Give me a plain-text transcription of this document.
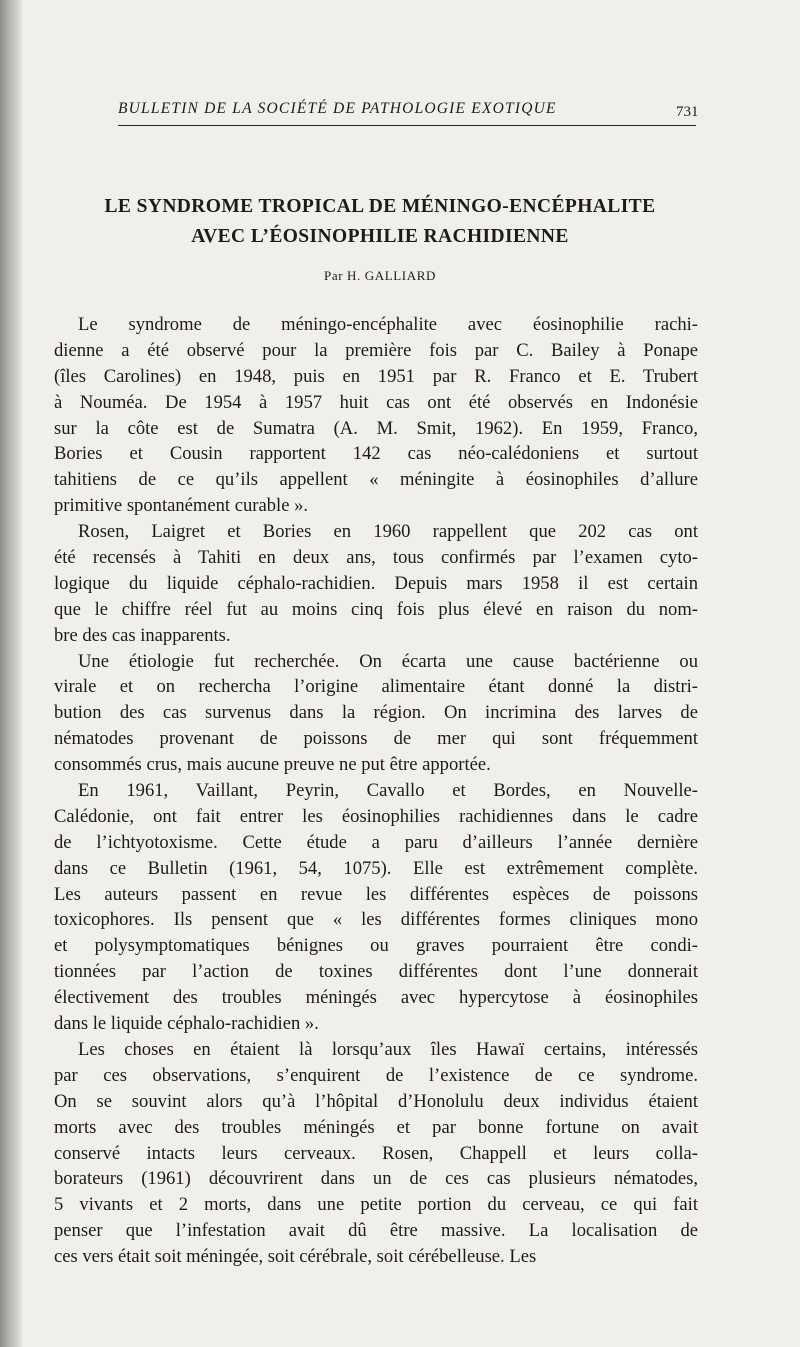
BULLETIN DE LA SOCIÉTÉ DE PATHOLOGIE EXOTIQUE	731
LE SYNDROME TROPICAL DE MÉNINGO-ENCÉPHALITE
AVEC L’ÉOSINOPHILIE RACHIDIENNE
Par H. GALLIARD

Le syndrome de méningo-encéphalite avec éosinophilie rachi-
dienne a été observé pour la première fois par C. Bailey à Ponape
(îles Carolines) en 1948, puis en 1951 par R. Franco et E. Trubert
à Nouméa. De 1954 à 1957 huit cas ont été observés en Indonésie
sur la côte est de Sumatra (A. M. Smit, 1962). En 1959, Franco,
Bories et Cousin rapportent 142 cas néo-calédoniens et surtout
tahitiens de ce qu’ils appellent « méningite à éosinophiles d’allure
primitive spontanément curable ».

Rosen, Laigret et Bories en 1960 rappellent que 202 cas ont
été recensés à Tahiti en deux ans, tous confirmés par l’examen cyto-
logique du liquide céphalo-rachidien. Depuis mars 1958 il est certain
que le chiffre réel fut au moins cinq fois plus élevé en raison du nom-
bre des cas inapparents.

Une étiologie fut recherchée. On écarta une cause bactérienne ou
virale et on rechercha l’origine alimentaire étant donné la distri-
bution des cas survenus dans la région. On incrimina des larves de
nématodes provenant de poissons de mer qui sont fréquemment
consommés crus, mais aucune preuve ne put être apportée.

En 1961, Vaillant, Peyrin, Cavallo et Bordes, en Nouvelle-
Calédonie, ont fait entrer les éosinophilies rachidiennes dans le cadre
de l’ichtyotoxisme. Cette étude a paru d’ailleurs l’année dernière
dans ce Bulletin (1961, 54, 1075). Elle est extrêmement complète.
Les auteurs passent en revue les différentes espèces de poissons
toxicophores. Ils pensent que « les différentes formes cliniques mono
et polysymptomatiques bénignes ou graves pourraient être condi-
tionnées par l’action de toxines différentes dont l’une donnerait
électivement des troubles méningés avec hypercytose à éosinophiles
dans le liquide céphalo-rachidien ».

Les choses en étaient là lorsqu’aux îles Hawaï certains, intéressés
par ces observations, s’enquirent de l’existence de ce syndrome.
On se souvint alors qu’à l’hôpital d’Honolulu deux individus étaient
morts avec des troubles méningés et par bonne fortune on avait
conservé intacts leurs cerveaux. Rosen, Chappell et leurs colla-
borateurs (1961) découvrirent dans un de ces cas plusieurs nématodes,
5 vivants et 2 morts, dans une petite portion du cerveau, ce qui fait
penser que l’infestation avait dû être massive. La localisation de
ces vers était soit méningée, soit cérébrale, soit cérébelleuse. Les
